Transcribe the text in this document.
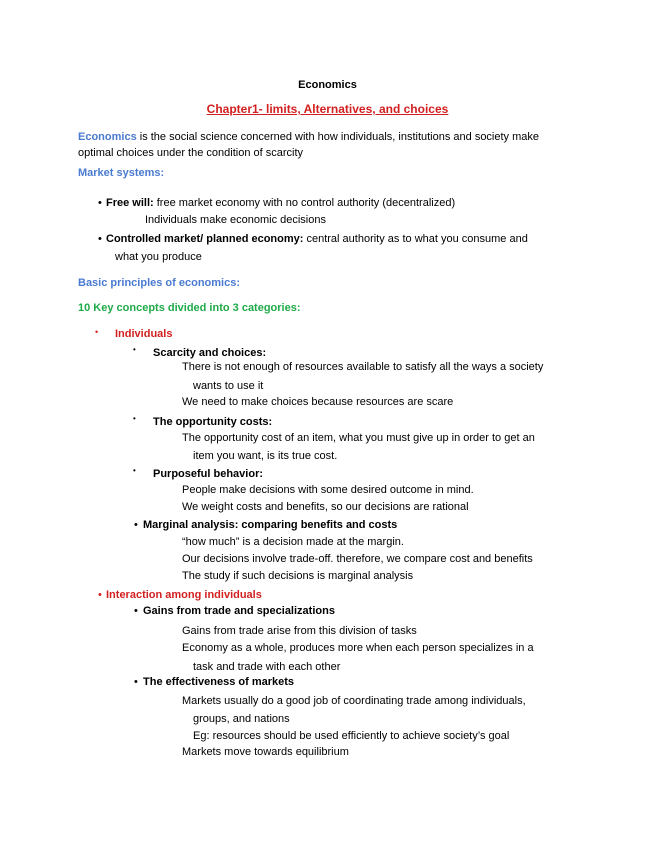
Economics
Chapter1- limits, Alternatives, and choices
Economics is the social science concerned with how individuals, institutions and society make
optimal choices under the condition of scarcity
Market systems:
• Free will: free market economy with no control authority (decentralized)
Individuals make economic decisions
• Controlled market/ planned economy: central authority as to what you consume and
what you produce
Basic principles of economics:
10 Key concepts divided into 3 categories:
• Individuals
• Scarcity and choices:
There is not enough of resources available to satisfy all the ways a society
wants to use it
We need to make choices because resources are scare
• The opportunity costs:
The opportunity cost of an item, what you must give up in order to get an
item you want, is its true cost.
• Purposeful behavior:
People make decisions with some desired outcome in mind.
We weight costs and benefits, so our decisions are rational
• Marginal analysis: comparing benefits and costs
“how much” is a decision made at the margin.
Our decisions involve trade-off. therefore, we compare cost and benefits
The study if such decisions is marginal analysis
• Interaction among individuals
• Gains from trade and specializations
Gains from trade arise from this division of tasks
Economy as a whole, produces more when each person specializes in a
task and trade with each other
• The effectiveness of markets
Markets usually do a good job of coordinating trade among individuals,
groups, and nations
Eg: resources should be used efficiently to achieve society’s goal
Markets move towards equilibrium
